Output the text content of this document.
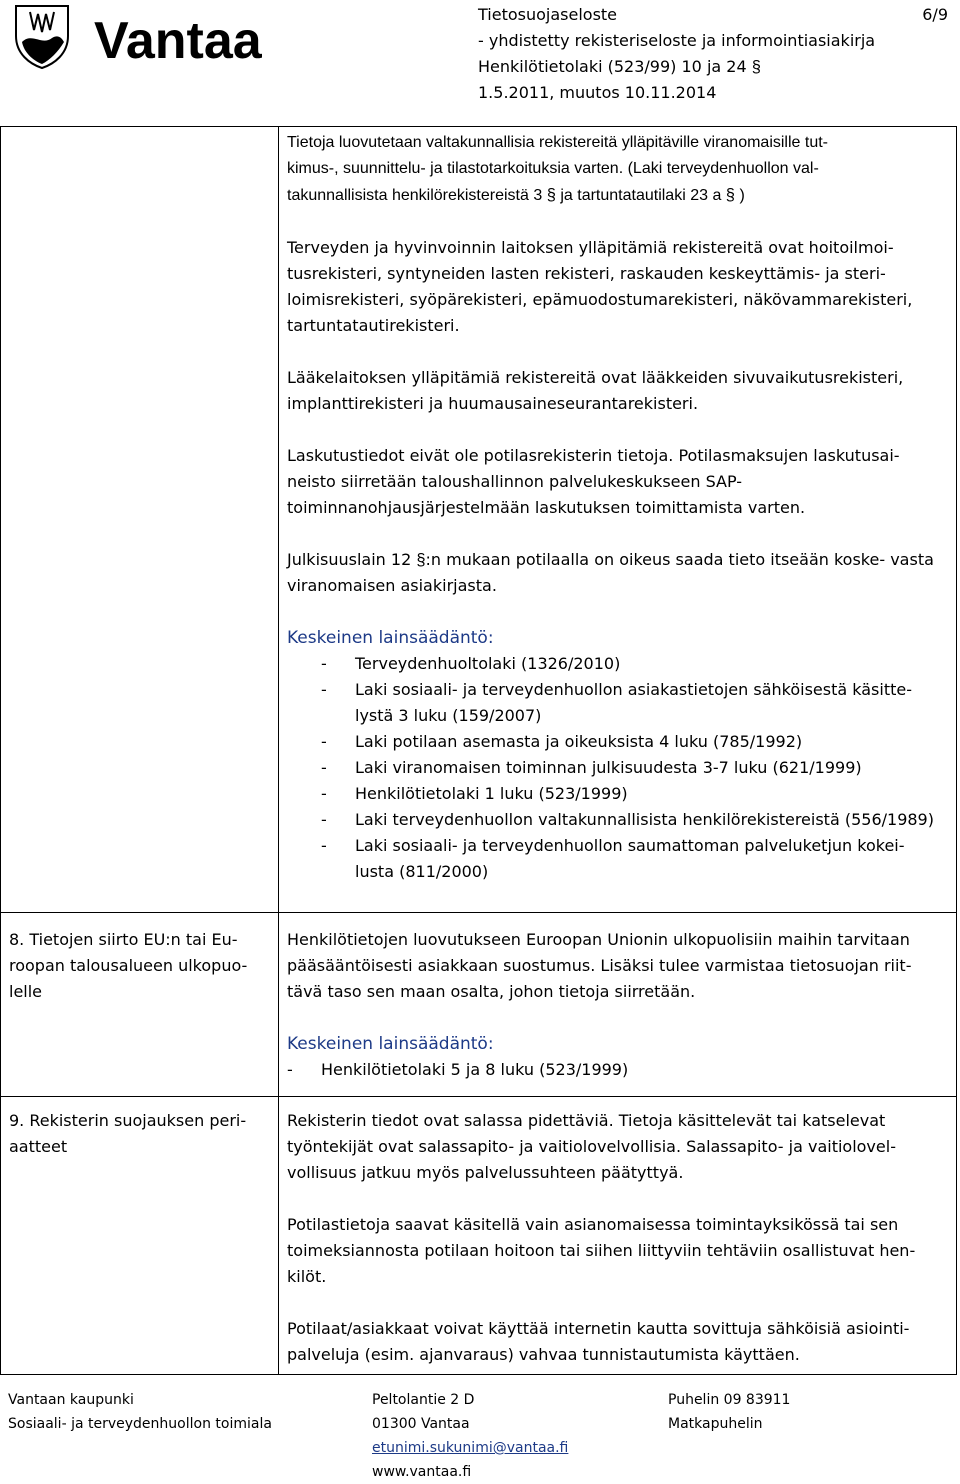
Vantaa	Tietosuojaseloste
- yhdistetty rekisteriseloste ja informointiasiakirja
Henkilötietolaki (523/99) 10 ja 24 §
1.5.2011, muutos 10.11.2014
6/9

Tietoja luovutetaan valtakunnallisia rekistereitä ylläpitäville viranomaisille tut-
kimus-, suunnittelu- ja tilastotarkoituksia varten. (Laki terveydenhuollon val-
takunnallisista henkilörekistereistä 3 § ja tartuntatautilaki 23 a § )

Terveyden ja hyvinvoinnin laitoksen ylläpitämiä rekistereitä ovat hoitoilmoi- tusrekisteri, syntyneiden lasten rekisteri, raskauden keskeyttämis- ja steri- loimisrekisteri, syöpärekisteri, epämuodostumarekisteri, näkövammarekisteri, tartuntatautirekisteri.

Lääkelaitoksen ylläpitämiä rekistereitä ovat lääkkeiden sivuvaikutusrekisteri, implanttirekisteri ja huumausaineseurantarekisteri.

Laskutustiedot eivät ole potilasrekisterin tietoja. Potilasmaksujen laskutusai- neisto siirretään taloushallinnon palvelukeskukseen SAP- toiminnanohjausjärjestelmään laskutuksen toimittamista varten.

Julkisuuslain 12 §:n mukaan potilaalla on oikeus saada tieto itseään koske- vasta viranomaisen asiakirjasta.

Keskeinen lainsäädäntö:

- Terveydenhuoltolaki (1326/2010)
- Laki sosiaali- ja terveydenhuollon asiakastietojen sähköisestä käsitte- lystä 3 luku (159/2007)
- Laki potilaan asemasta ja oikeuksista 4 luku (785/1992)
- Laki viranomaisen toiminnan julkisuudesta 3-7 luku (621/1999)
- Henkilötietolaki 1 luku (523/1999)
- Laki terveydenhuollon valtakunnallisista henkilörekistereistä (556/1989)
- Laki sosiaali- ja terveydenhuollon saumattoman palveluketjun kokei- lusta (811/2000)
8. Tietojen siirto EU:n tai Eu- roopan talousalueen ulkopuo- lelle

Henkilötietojen luovutukseen Euroopan Unionin ulkopuolisiin maihin tarvitaan pääsääntöisesti asiakkaan suostumus. Lisäksi tulee varmistaa tietosuojan riit- tävä taso sen maan osalta, johon tietoja siirretään.

Keskeinen lainsäädäntö:

- Henkilötietolaki 5 ja 8 luku (523/1999)
9. Rekisterin suojauksen peri- aatteet

Rekisterin tiedot ovat salassa pidettäviä. Tietoja käsittelevät tai katselevat työntekijät ovat salassapito- ja vaitiolovelvollisia. Salassapito- ja vaitiolovel- vollisuus jatkuu myös palvelussuhteen päätyttyä.

Potilastietoja saavat käsitellä vain asianomaisessa toimintayksikössä tai sen toimeksiannosta potilaan hoitoon tai siihen liittyviin tehtäviin osallistuvat hen- kilöt.

Potilaat/asiakkaat voivat käyttää internetin kautta sovittuja sähköisiä asiointi- palveluja (esim. ajanvaraus) vahvaa tunnistautumista käyttäen.

Vantaan kaupunki
Sosiaali- ja terveydenhuollon toimiala
Peltolantie 2 D
01300 Vantaa
etunimi.sukunimi@vantaa.fi
www.vantaa.fi
Puhelin 09 83911
Matkapuhelin
